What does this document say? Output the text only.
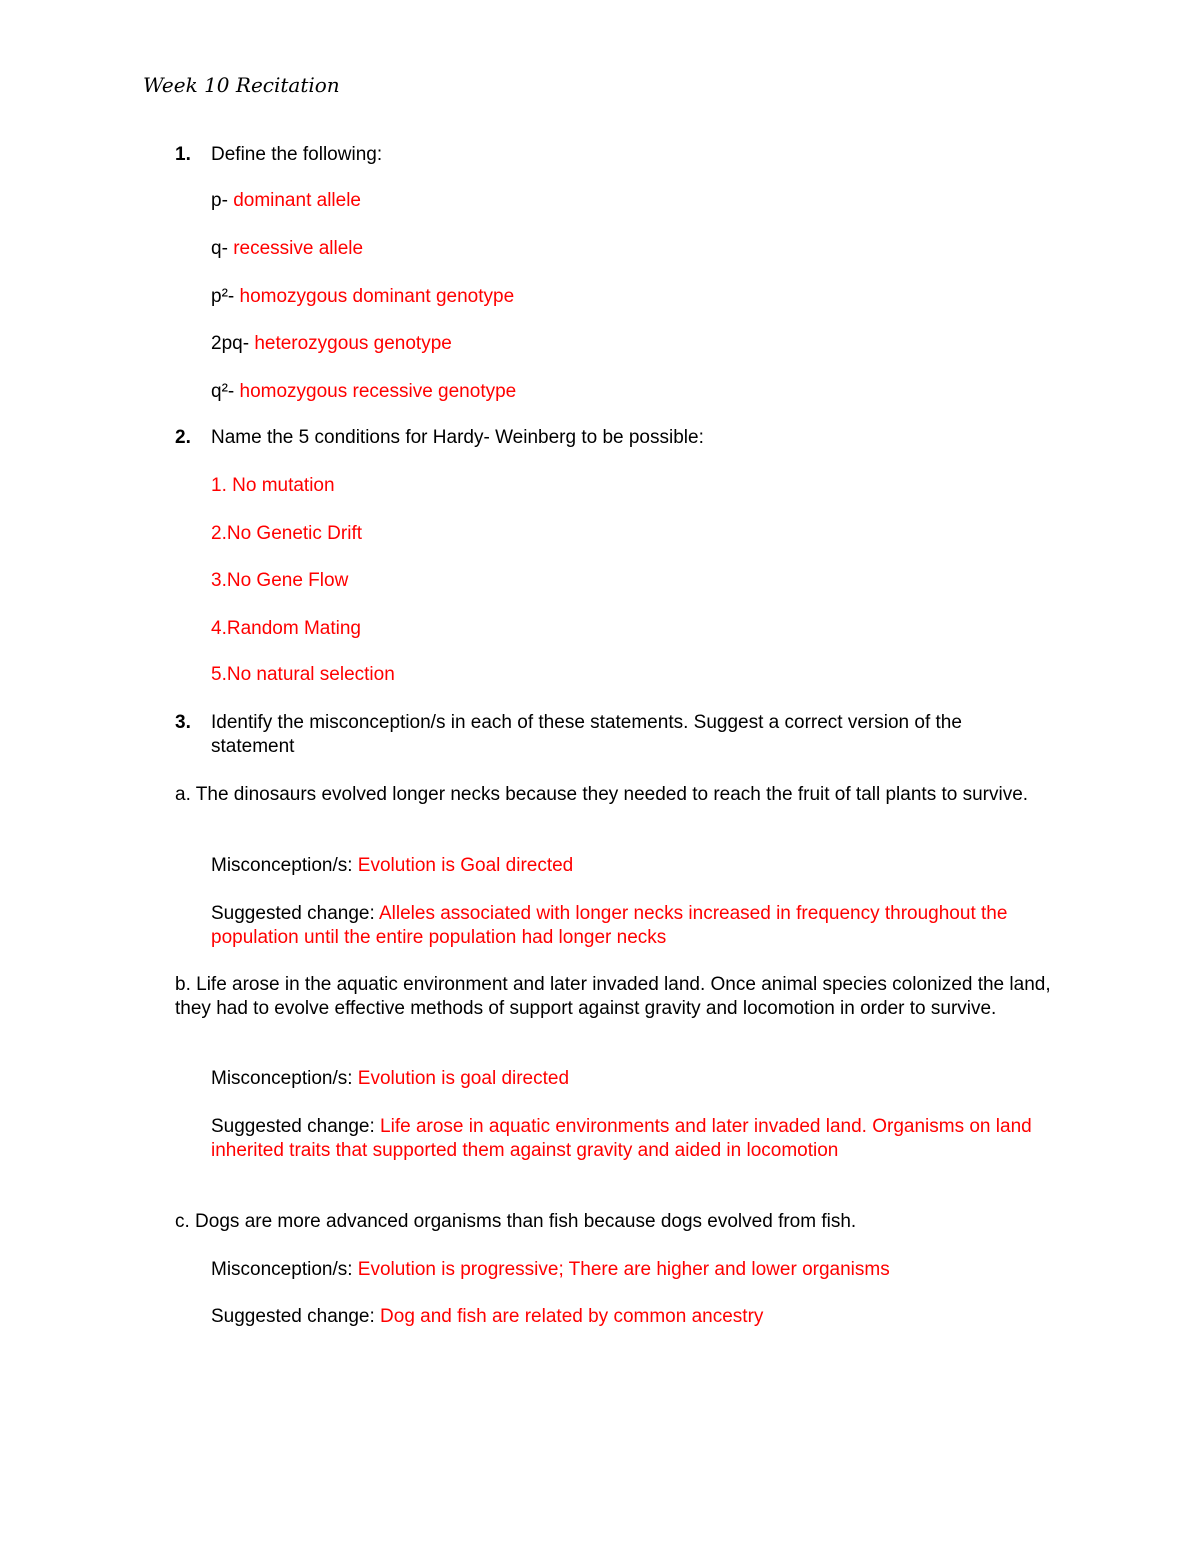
Week 10 Recitation
1. Define the following:
p- dominant allele
q- recessive allele
p²- homozygous dominant genotype
2pq- heterozygous genotype
q²- homozygous recessive genotype
2. Name the 5 conditions for Hardy- Weinberg to be possible:
1. No mutation
2.No Genetic Drift
3.No Gene Flow
4.Random Mating
5.No natural selection
3. Identify the misconception/s in each of these statements. Suggest a correct version of the statement
a. The dinosaurs evolved longer necks because they needed to reach the fruit of tall plants to survive.
Misconception/s: Evolution is Goal directed
Suggested change: Alleles associated with longer necks increased in frequency throughout the population until the entire population had longer necks
b. Life arose in the aquatic environment and later invaded land. Once animal species colonized the land, they had to evolve effective methods of support against gravity and locomotion in order to survive.
Misconception/s: Evolution is goal directed
Suggested change: Life arose in aquatic environments and later invaded land. Organisms on land inherited traits that supported them against gravity and aided in locomotion
c. Dogs are more advanced organisms than fish because dogs evolved from fish.
Misconception/s: Evolution is progressive; There are higher and lower organisms
Suggested change: Dog and fish are related by common ancestry
